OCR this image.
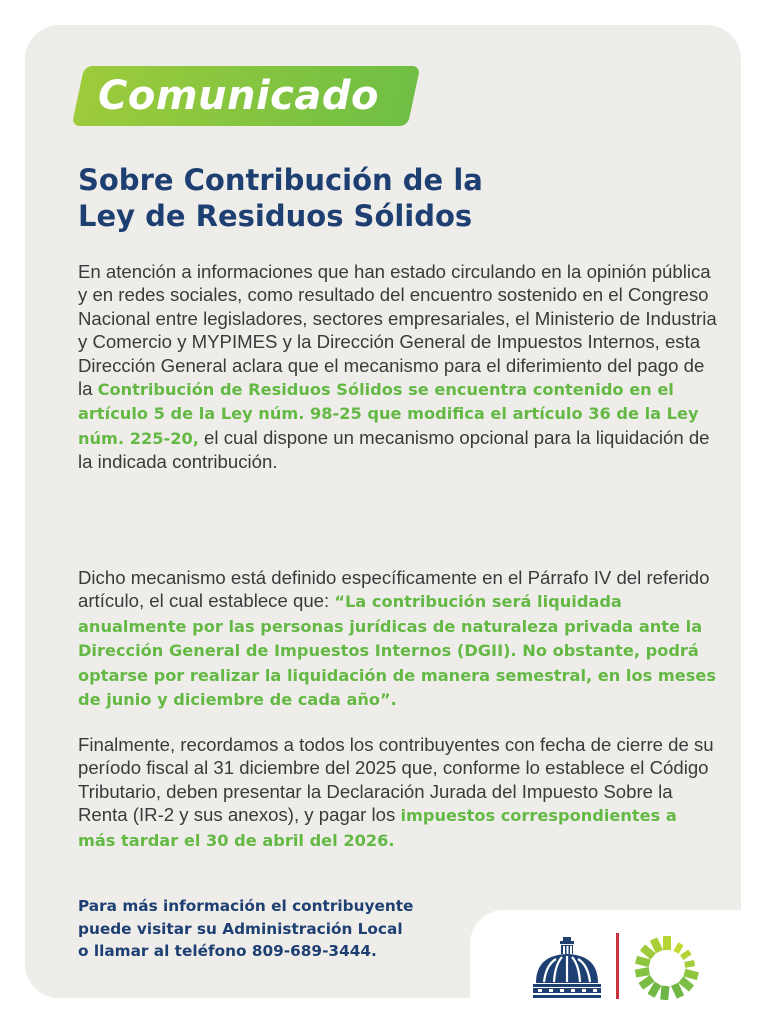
Comunicado
Sobre Contribución de la
Ley de Residuos Sólidos
En atención a informaciones que han estado circulando en la opinión pública y en redes sociales, como resultado del encuentro sostenido en el Congreso Nacional entre legisladores, sectores empresariales, el Ministerio de Industria y Comercio y MYPIMES y la Dirección General de Impuestos Internos, esta Dirección General aclara que el mecanismo para el diferimiento del pago de la Contribución de Residuos Sólidos se encuentra contenido en el artículo 5 de la Ley núm. 98-25 que modifica el artículo 36 de la Ley núm. 225-20, el cual dispone un mecanismo opcional para la liquidación de la indicada contribución.
Dicho mecanismo está definido específicamente en el Párrafo IV del referido artículo, el cual establece que: “La contribución será liquidada anualmente por las personas jurídicas de naturaleza privada ante la Dirección General de Impuestos Internos (DGII). No obstante, podrá optarse por realizar la liquidación de manera semestral, en los meses de junio y diciembre de cada año”.
Finalmente, recordamos a todos los contribuyentes con fecha de cierre de su período fiscal al 31 diciembre del 2025 que, conforme lo establece el Código Tributario, deben presentar la Declaración Jurada del Impuesto Sobre la Renta (IR-2 y sus anexos), y pagar los impuestos correspondientes a más tardar el 30 de abril del 2026.
Para más información el contribuyente
puede visitar su Administración Local
o llamar al teléfono 809-689-3444.
